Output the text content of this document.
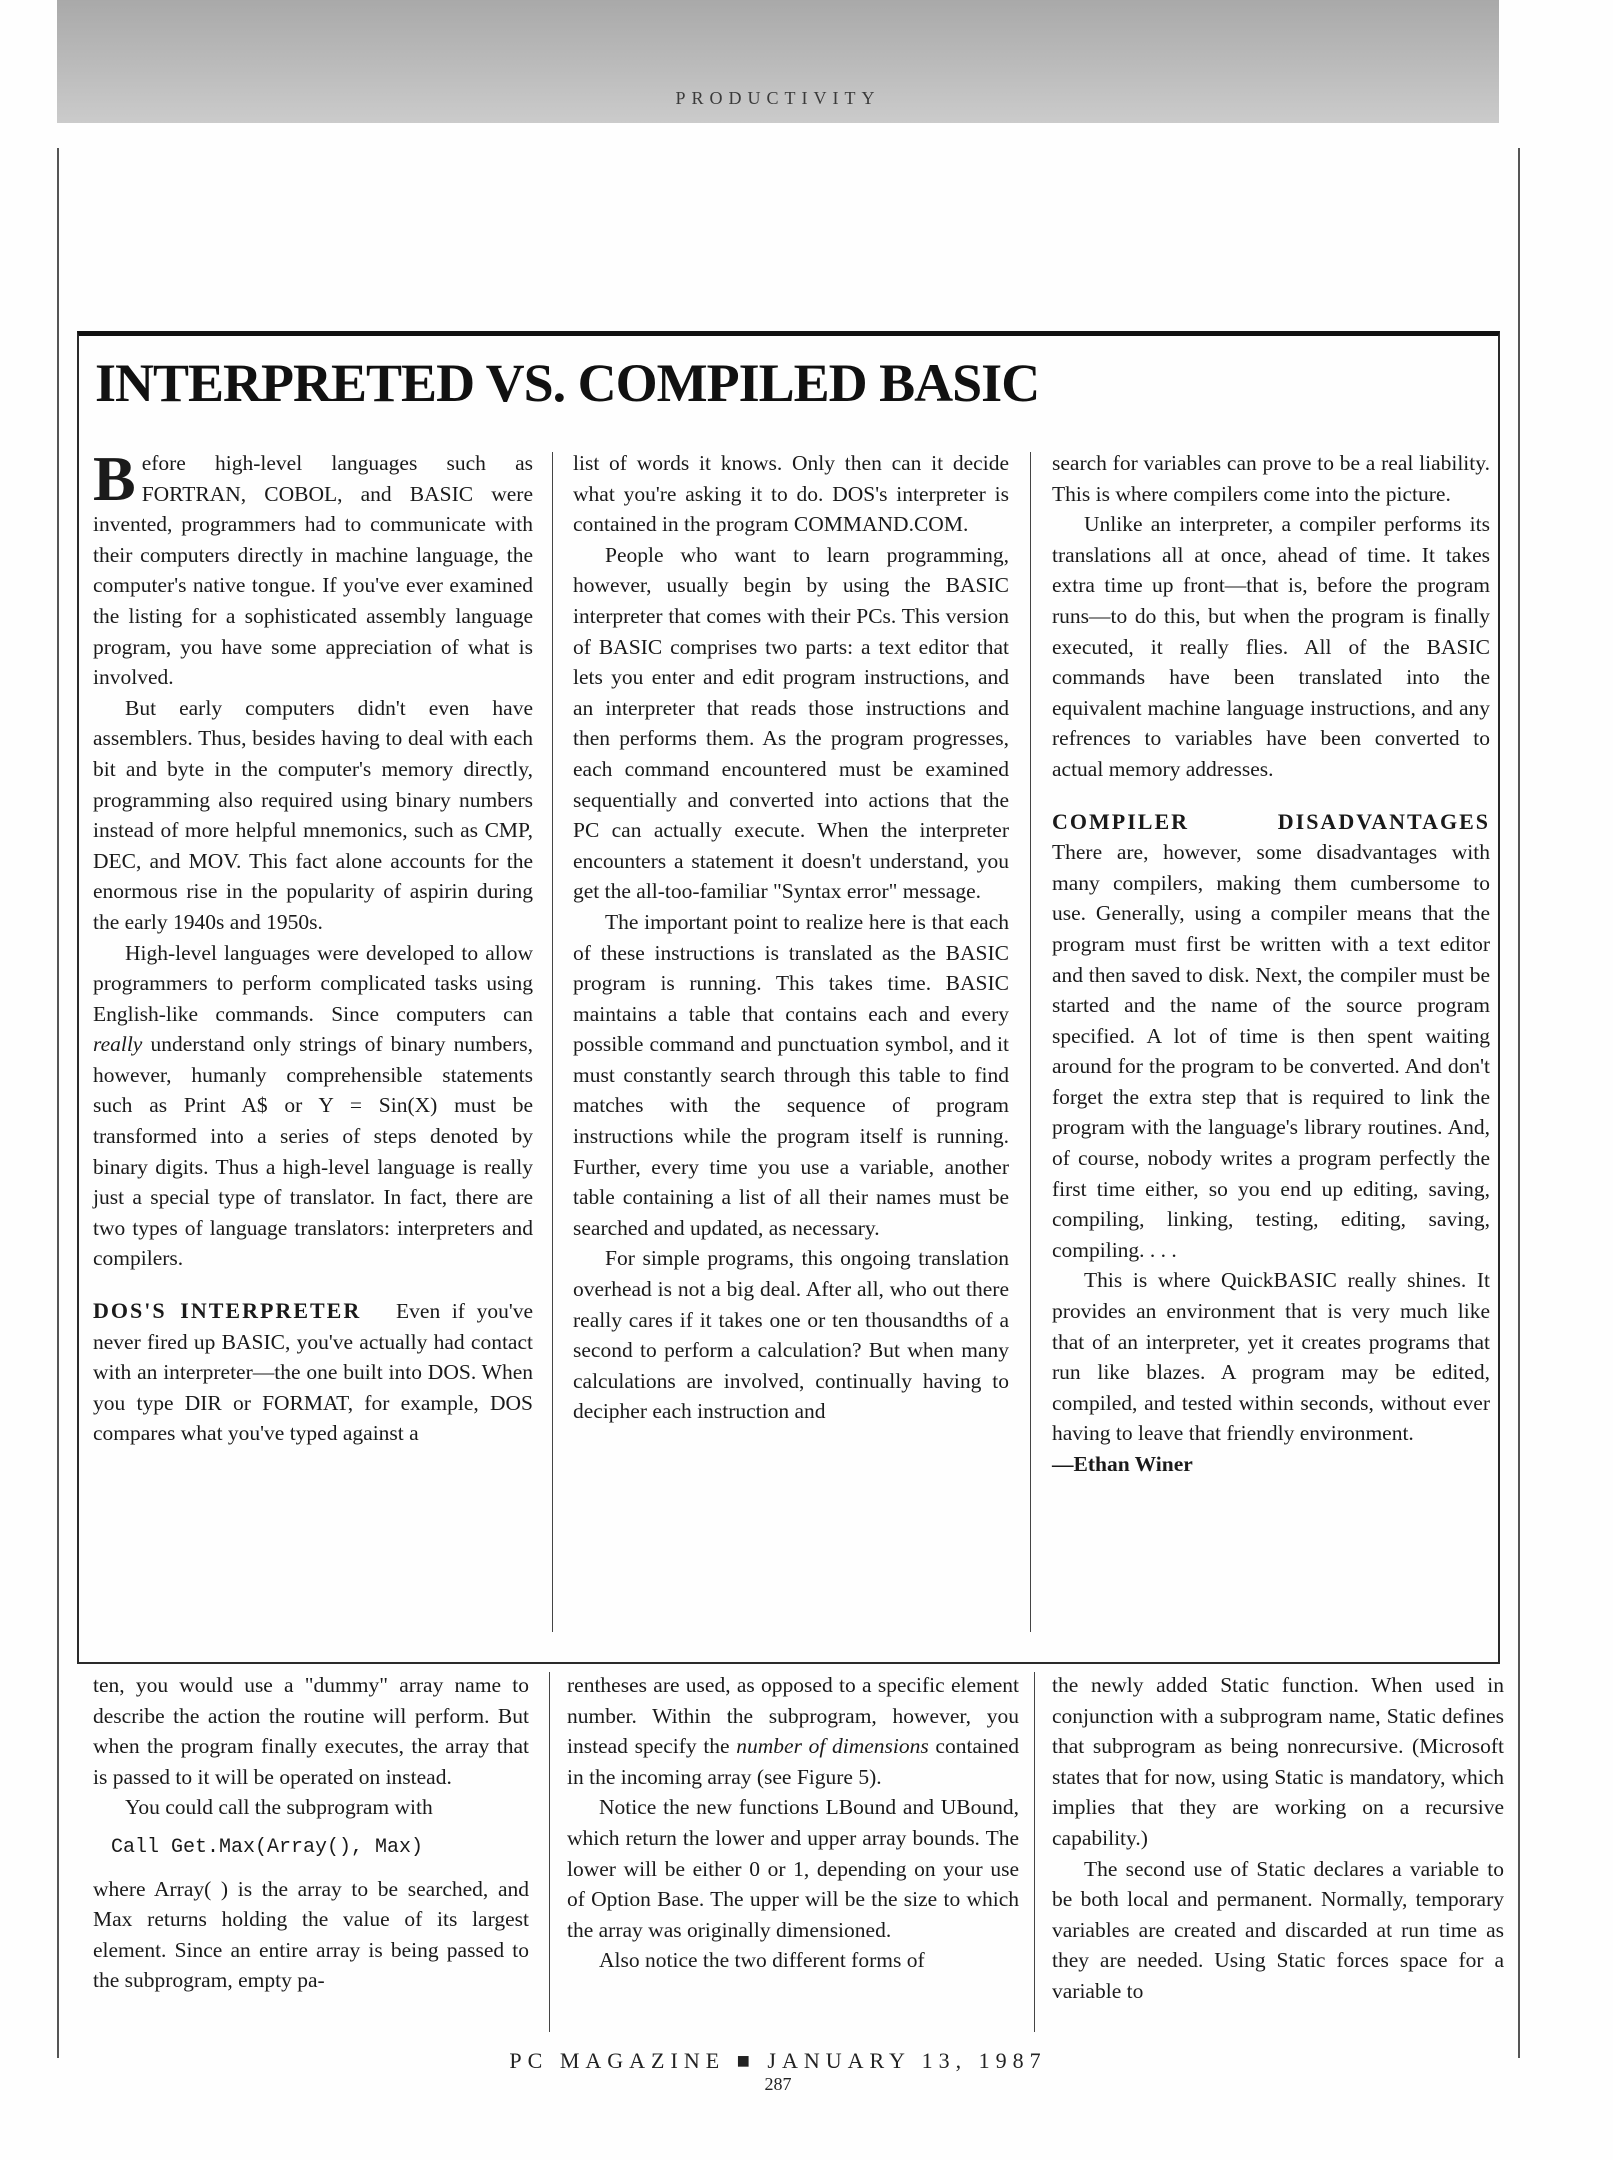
PRODUCTIVITY
INTERPRETED VS. COMPILED BASIC

Before high-level languages such as FORTRAN, COBOL, and BASIC were invented, programmers had to communicate with their computers directly in machine language, the computer's native tongue. If you've ever examined the listing for a sophisticated assembly language program, you have some appreciation of what is involved.

But early computers didn't even have assemblers. Thus, besides having to deal with each bit and byte in the computer's memory directly, programming also required using binary numbers instead of more helpful mnemonics, such as CMP, DEC, and MOV. This fact alone accounts for the enormous rise in the popularity of aspirin during the early 1940s and 1950s.

High-level languages were developed to allow programmers to perform complicated tasks using English-like commands. Since computers can really understand only strings of binary numbers, however, humanly comprehensible statements such as Print A$ or Y = Sin(X) must be transformed into a series of steps denoted by binary digits. Thus a high-level language is really just a special type of translator. In fact, there are two types of language translators: interpreters and compilers.

DOS'S INTERPRETER Even if you've never fired up BASIC, you've actually had contact with an interpreter—the one built into DOS. When you type DIR or FORMAT, for example, DOS compares what you've typed against a

list of words it knows. Only then can it decide what you're asking it to do. DOS's interpreter is contained in the program COMMAND.COM.

People who want to learn programming, however, usually begin by using the BASIC interpreter that comes with their PCs. This version of BASIC comprises two parts: a text editor that lets you enter and edit program instructions, and an interpreter that reads those instructions and then performs them. As the program progresses, each command encountered must be examined sequentially and converted into actions that the PC can actually execute. When the interpreter encounters a statement it doesn't understand, you get the all-too-familiar "Syntax error" message.

The important point to realize here is that each of these instructions is translated as the BASIC program is running. This takes time. BASIC maintains a table that contains each and every possible command and punctuation symbol, and it must constantly search through this table to find matches with the sequence of program instructions while the program itself is running. Further, every time you use a variable, another table containing a list of all their names must be searched and updated, as necessary.

For simple programs, this ongoing translation overhead is not a big deal. After all, who out there really cares if it takes one or ten thousandths of a second to perform a calculation? But when many calculations are involved, continually having to decipher each instruction and

search for variables can prove to be a real liability. This is where compilers come into the picture.

Unlike an interpreter, a compiler performs its translations all at once, ahead of time. It takes extra time up front—that is, before the program runs—to do this, but when the program is finally executed, it really flies. All of the BASIC commands have been translated into the equivalent machine language instructions, and any refrences to variables have been converted to actual memory addresses.

COMPILER	DISADVANTAGES

There are, however, some disadvantages with many compilers, making them cumbersome to use. Generally, using a compiler means that the program must first be written with a text editor and then saved to disk. Next, the compiler must be started and the name of the source program specified. A lot of time is then spent waiting around for the program to be converted. And don't forget the extra step that is required to link the program with the language's library routines. And, of course, nobody writes a program perfectly the first time either, so you end up editing, saving, compiling, linking, testing, editing, saving, compiling. . . .

This is where QuickBASIC really shines. It provides an environment that is very much like that of an interpreter, yet it creates programs that run like blazes. A program may be edited, compiled, and tested within seconds, without ever having to leave that friendly environment.

—Ethan Winer

ten, you would use a "dummy" array name to describe the action the routine will perform. But when the program finally executes, the array that is passed to it will be operated on instead.

You could call the subprogram with

Call Get.Max(Array(), Max)

where Array( ) is the array to be searched, and Max returns holding the value of its largest element. Since an entire array is being passed to the subprogram, empty pa-

rentheses are used, as opposed to a specific element number. Within the subprogram, however, you instead specify the number of dimensions contained in the incoming array (see Figure 5).

Notice the new functions LBound and UBound, which return the lower and upper array bounds. The lower will be either 0 or 1, depending on your use of Option Base. The upper will be the size to which the array was originally dimensioned.

Also notice the two different forms of

the newly added Static function. When used in conjunction with a subprogram name, Static defines that subprogram as being nonrecursive. (Microsoft states that for now, using Static is mandatory, which implies that they are working on a recursive capability.)

The second use of Static declares a variable to be both local and permanent. Normally, temporary variables are created and discarded at run time as they are needed. Using Static forces space for a variable to

PC MAGAZINE ■ JANUARY 13, 1987
287
